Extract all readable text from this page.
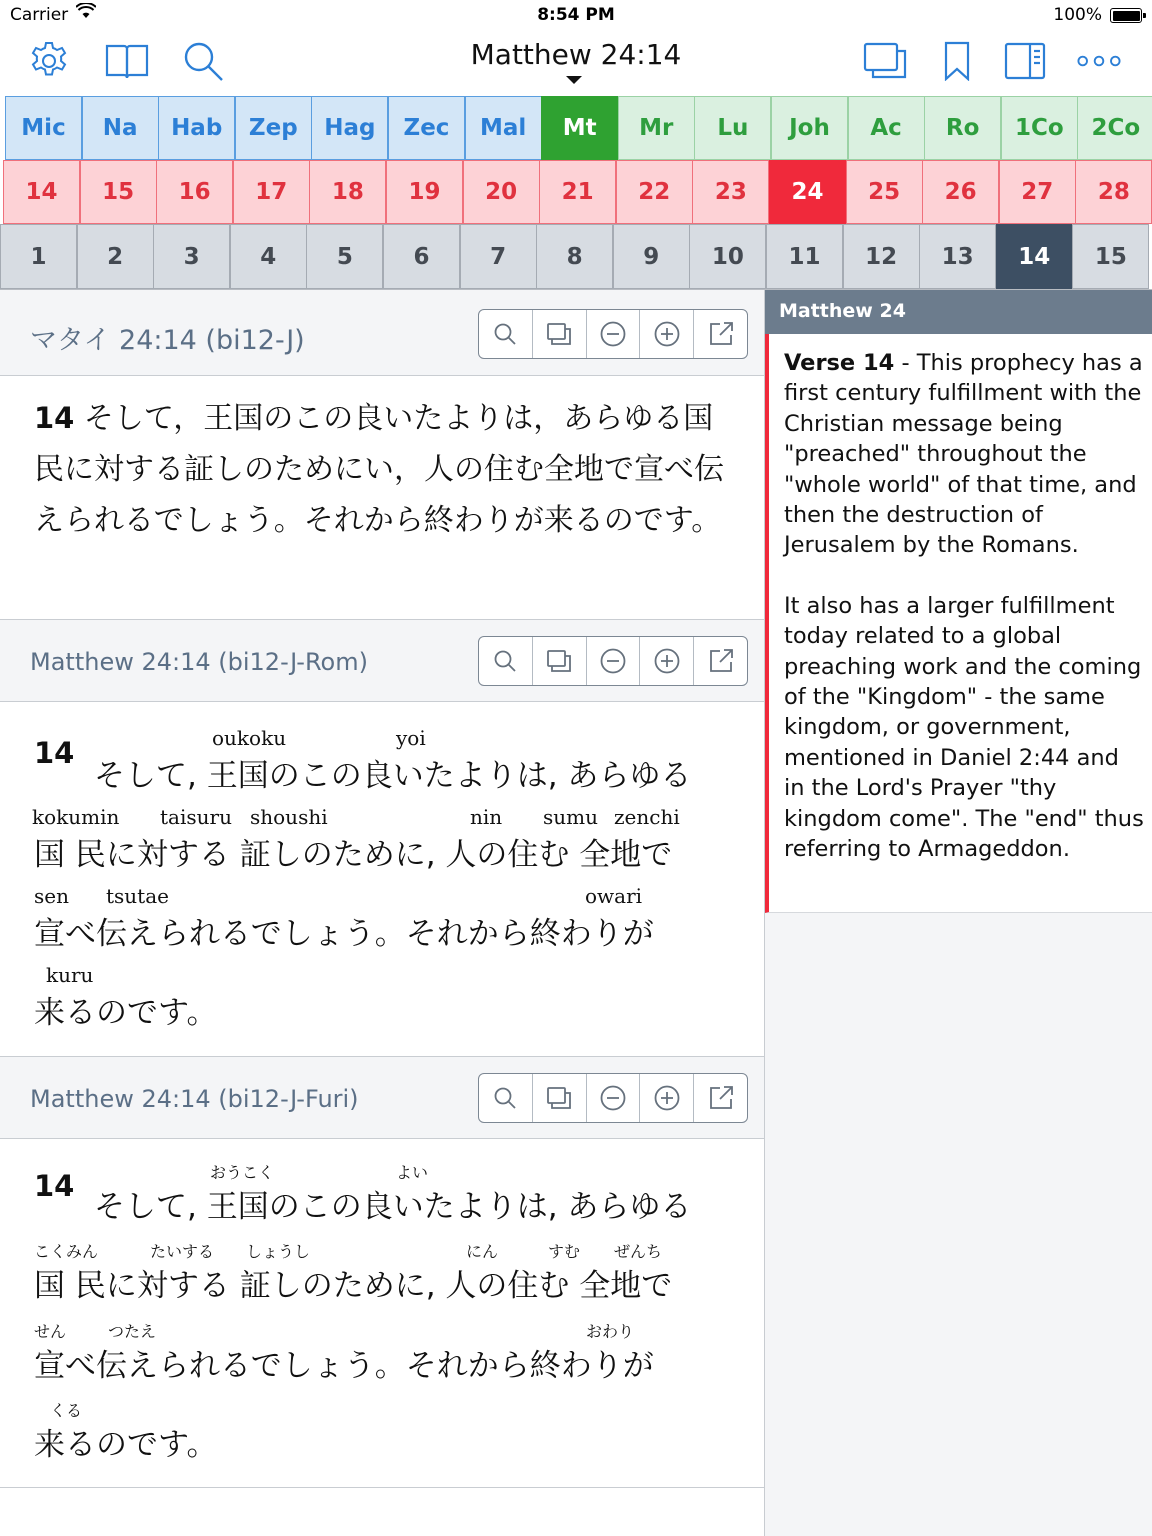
Carrier	8:54 PM	100%
Matthew 24:14
Mic	Na	Hab	Zep	Hag	Zec	Mal	Mt	Mr	Lu	Joh	Ac	Ro	1Co	2Co
14	15	16	17	18	19	20	21	22	23	24	25	26	27	28
1	2	3	4	5	6	7	8	9	10	11	12	13	14	15
マタイ 24:14 (bi12-J)
14 そして，王国のこの良いたよりは，あらゆる国民に対する証しのためにい，人の住む全地で宣べ伝えられるでしょう。それから終わりが来るのです。
Matthew 24:14 (bi12-J-Rom)
14	oukoku	yoi
そして, 王国のこの良いたよりは, あらゆる
kokumin taisuru shoushi	nin sumu zenchi
国 民に対する 証しのために, 人の住む 全地で
sen tsutae	owari
宣べ伝えられるでしょう。それから終わりが
kuru
来るのです。
Matthew 24:14 (bi12-J-Furi)
14	おうこく	よい
そして, 王国のこの良いたよりは, あらゆる
こくみん	たいする しょうし	にん	すむ ぜんち
国 民に対する 証しのために, 人の住む 全地で
せん	つたえ	おわり
宣べ伝えられるでしょう。それから終わりが
くる
来るのです。
Matthew 24

Verse 14 - This prophecy has a first century fulfillment with the Christian message being "preached" throughout the "whole world" of that time, and then the destruction of Jerusalem by the Romans.

It also has a larger fulfillment today related to a global preaching work and the coming of the "Kingdom" - the same kingdom, or government, mentioned in Daniel 2:44 and in the Lord's Prayer "thy kingdom come". The "end" thus referring to Armageddon.
